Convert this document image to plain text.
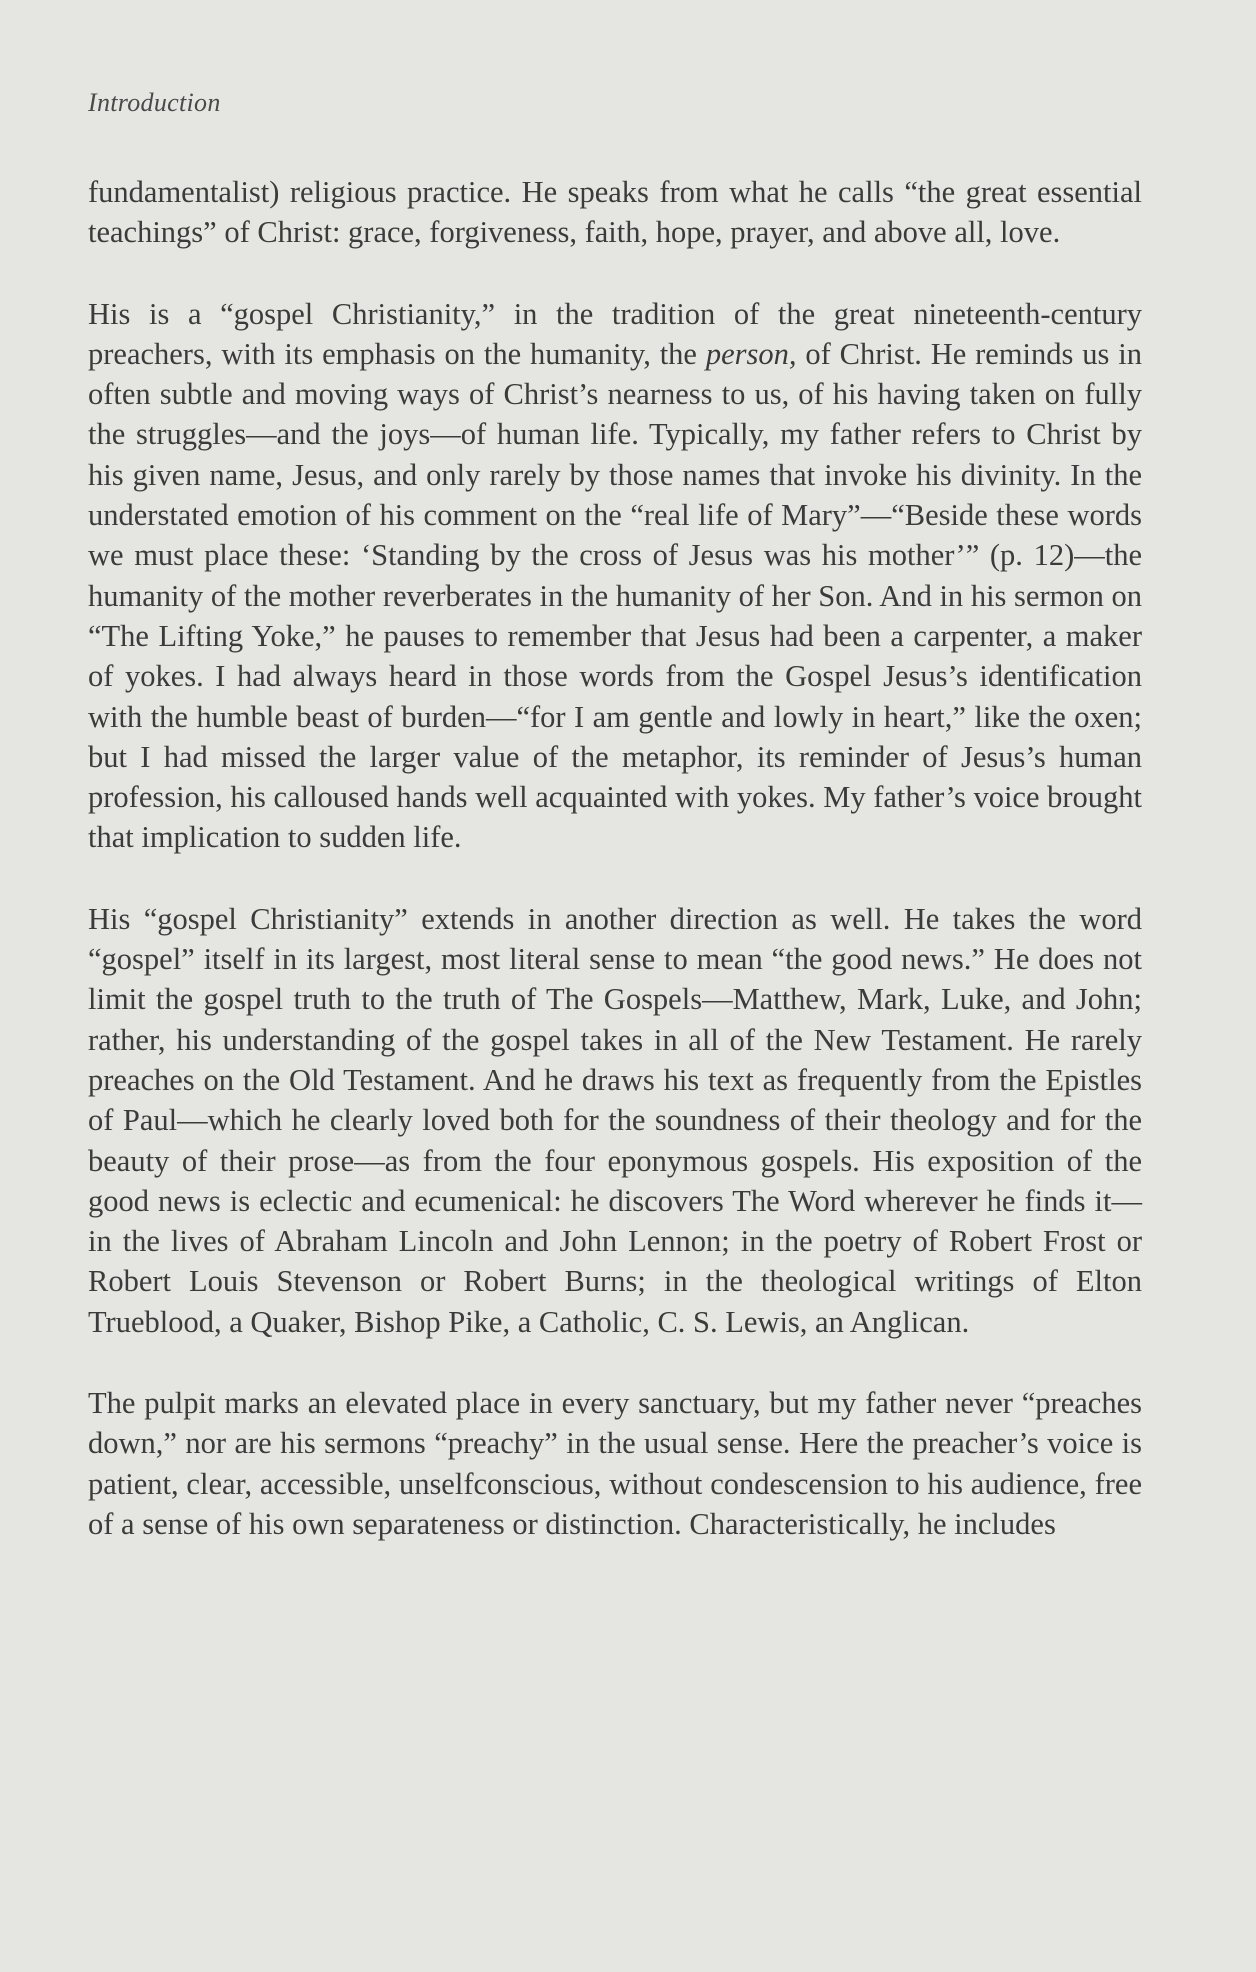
Introduction

fundamentalist) religious practice. He speaks from what he calls “the great essential teachings” of Christ: grace, forgiveness, faith, hope, prayer, and above all, love.

His is a “gospel Christianity,” in the tradition of the great nineteenth-century preachers, with its emphasis on the humanity, the person, of Christ. He reminds us in often subtle and moving ways of Christ’s nearness to us, of his having taken on fully the struggles—and the joys—of human life. Typically, my father refers to Christ by his given name, Jesus, and only rarely by those names that invoke his divinity. In the understated emotion of his comment on the “real life of Mary”—“Beside these words we must place these: ‘Standing by the cross of Jesus was his mother’” (p. 12)—the humanity of the mother reverberates in the humanity of her Son. And in his sermon on “The Lifting Yoke,” he pauses to remember that Jesus had been a carpenter, a maker of yokes. I had always heard in those words from the Gospel Jesus’s identification with the humble beast of burden—“for I am gentle and lowly in heart,” like the oxen; but I had missed the larger value of the metaphor, its reminder of Jesus’s human profession, his calloused hands well acquainted with yokes. My father’s voice brought that implication to sudden life.

His “gospel Christianity” extends in another direction as well. He takes the word “gospel” itself in its largest, most literal sense to mean “the good news.” He does not limit the gospel truth to the truth of The Gospels—Matthew, Mark, Luke, and John; rather, his understanding of the gospel takes in all of the New Testament. He rarely preaches on the Old Testament. And he draws his text as frequently from the Epistles of Paul—which he clearly loved both for the soundness of their theology and for the beauty of their prose—as from the four eponymous gospels. His exposition of the good news is eclectic and ecumenical: he discovers The Word wherever he finds it—in the lives of Abraham Lincoln and John Lennon; in the poetry of Robert Frost or Robert Louis Stevenson or Robert Burns; in the theological writings of Elton Trueblood, a Quaker, Bishop Pike, a Catholic, C. S. Lewis, an Anglican.

The pulpit marks an elevated place in every sanctuary, but my father never “preaches down,” nor are his sermons “preachy” in the usual sense. Here the preacher’s voice is patient, clear, accessible, unselfconscious, without condescension to his audience, free of a sense of his own separateness or distinction. Characteristically, he includes
